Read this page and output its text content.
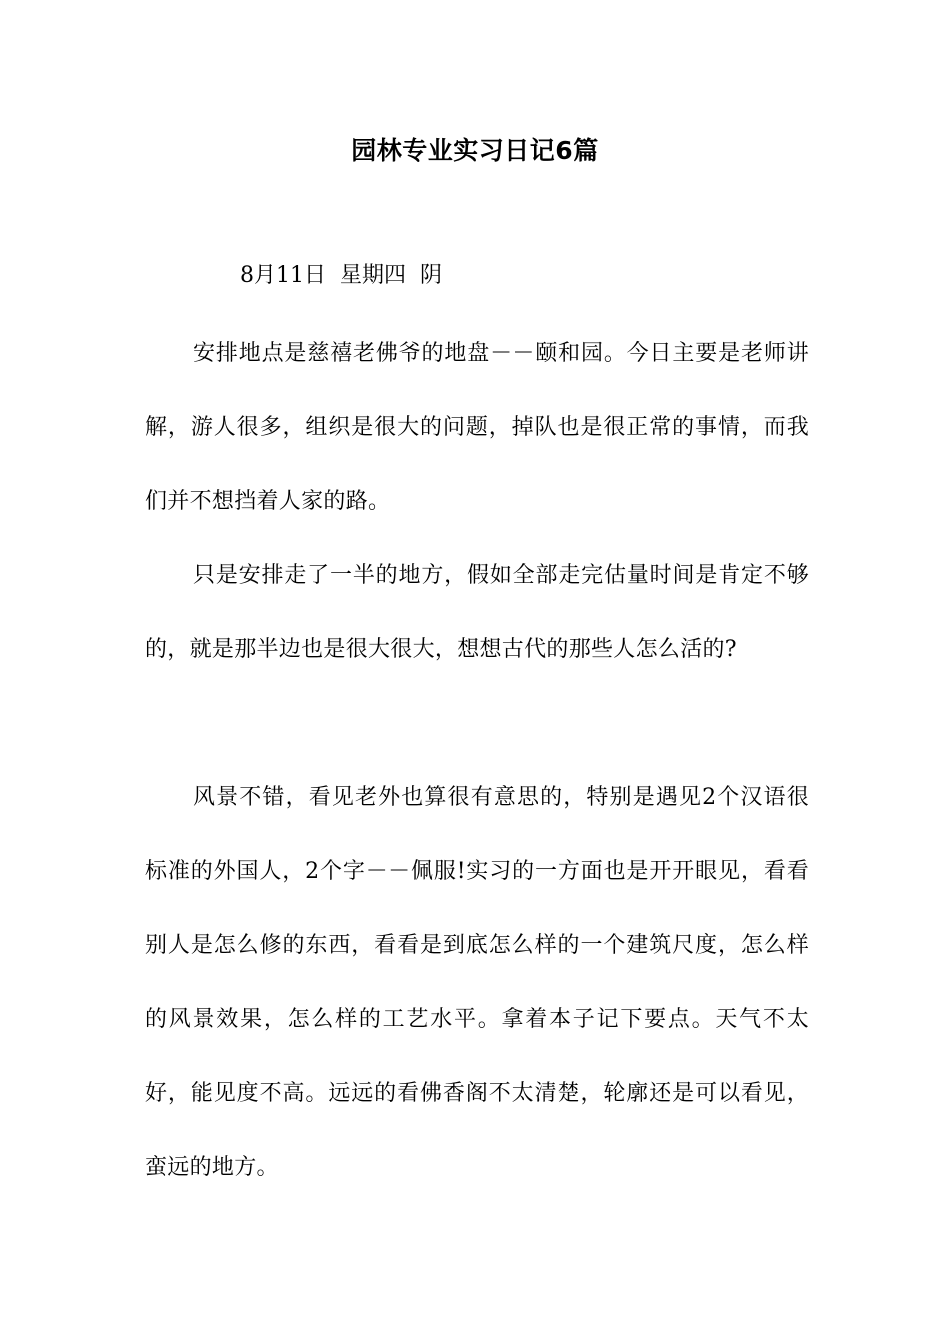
园林专业实习日记6篇

8月11日  星期四  阴

安排地点是慈禧老佛爷的地盘－－颐和园。今日主要是老师讲解，游人很多，组织是很大的问题，掉队也是很正常的事情，而我们并不想挡着人家的路。

只是安排走了一半的地方，假如全部走完估量时间是肯定不够的，就是那半边也是很大很大，想想古代的那些人怎么活的?

风景不错，看见老外也算很有意思的，特别是遇见2个汉语很标准的外国人，2个字－－佩服!实习的一方面也是开开眼见，看看别人是怎么修的东西，看看是到底怎么样的一个建筑尺度，怎么样的风景效果，怎么样的工艺水平。拿着本子记下要点。天气不太好，能见度不高。远远的看佛香阁不太清楚，轮廓还是可以看见，蛮远的地方。
